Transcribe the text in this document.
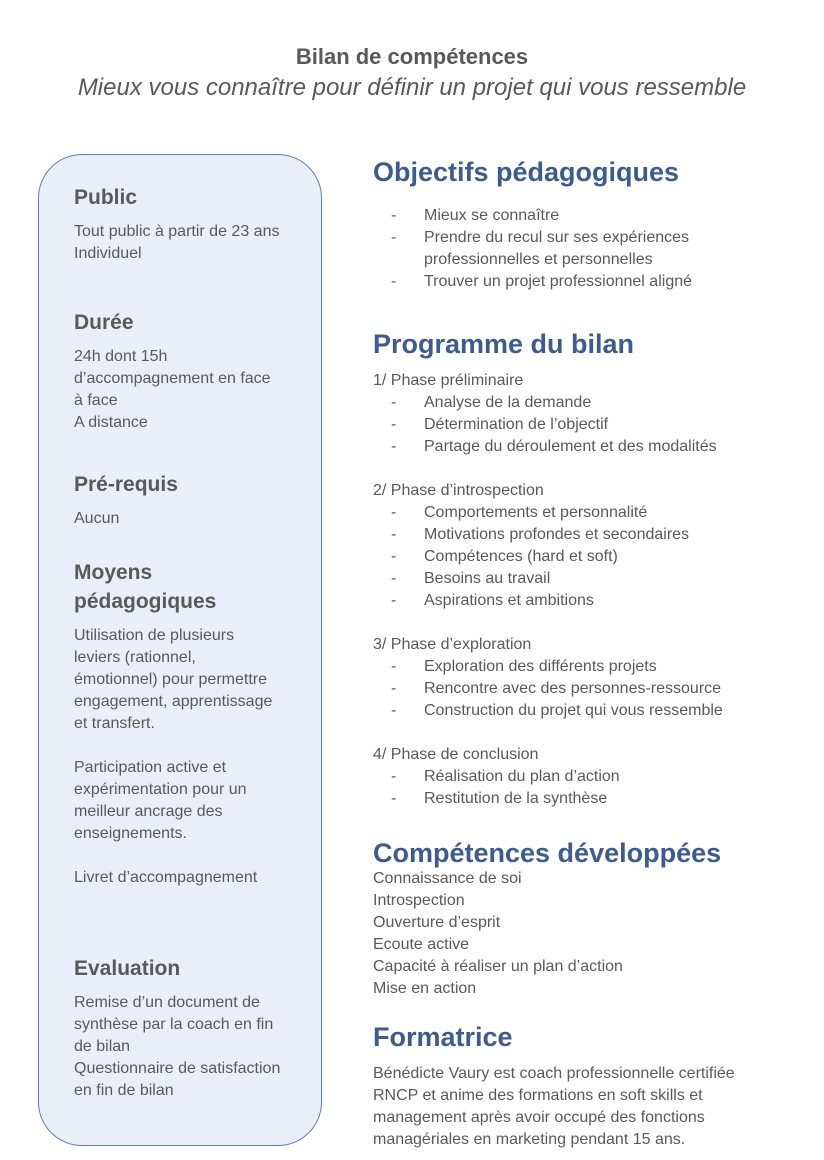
Bilan de compétences
Mieux vous connaître pour définir un projet qui vous ressemble
Public
Tout public à partir de 23 ans
Individuel
Durée
24h dont 15h
d’accompagnement en face
à face
A distance
Pré-requis
Aucun
Moyens
pédagogiques
Utilisation de plusieurs
leviers (rationnel,
émotionnel) pour permettre
engagement, apprentissage
et transfert.
Participation active et
expérimentation pour un
meilleur ancrage des
enseignements.
Livret d’accompagnement
Evaluation
Remise d’un document de
synthèse par la coach en fin
de bilan
Questionnaire de satisfaction
en fin de bilan
Objectifs pédagogiques
- Mieux se connaître
- Prendre du recul sur ses expériences
professionnelles et personnelles
- Trouver un projet professionnel aligné
Programme du bilan
1/ Phase préliminaire
- Analyse de la demande
- Détermination de l’objectif
- Partage du déroulement et des modalités
2/ Phase d’introspection
- Comportements et personnalité
- Motivations profondes et secondaires
- Compétences (hard et soft)
- Besoins au travail
- Aspirations et ambitions
3/ Phase d’exploration
- Exploration des différents projets
- Rencontre avec des personnes-ressource
- Construction du projet qui vous ressemble
4/ Phase de conclusion
- Réalisation du plan d’action
- Restitution de la synthèse
Compétences développées
Connaissance de soi
Introspection
Ouverture d’esprit
Ecoute active
Capacité à réaliser un plan d’action
Mise en action
Formatrice
Bénédicte Vaury est coach professionnelle certifiée
RNCP et anime des formations en soft skills et
management après avoir occupé des fonctions
managériales en marketing pendant 15 ans.
